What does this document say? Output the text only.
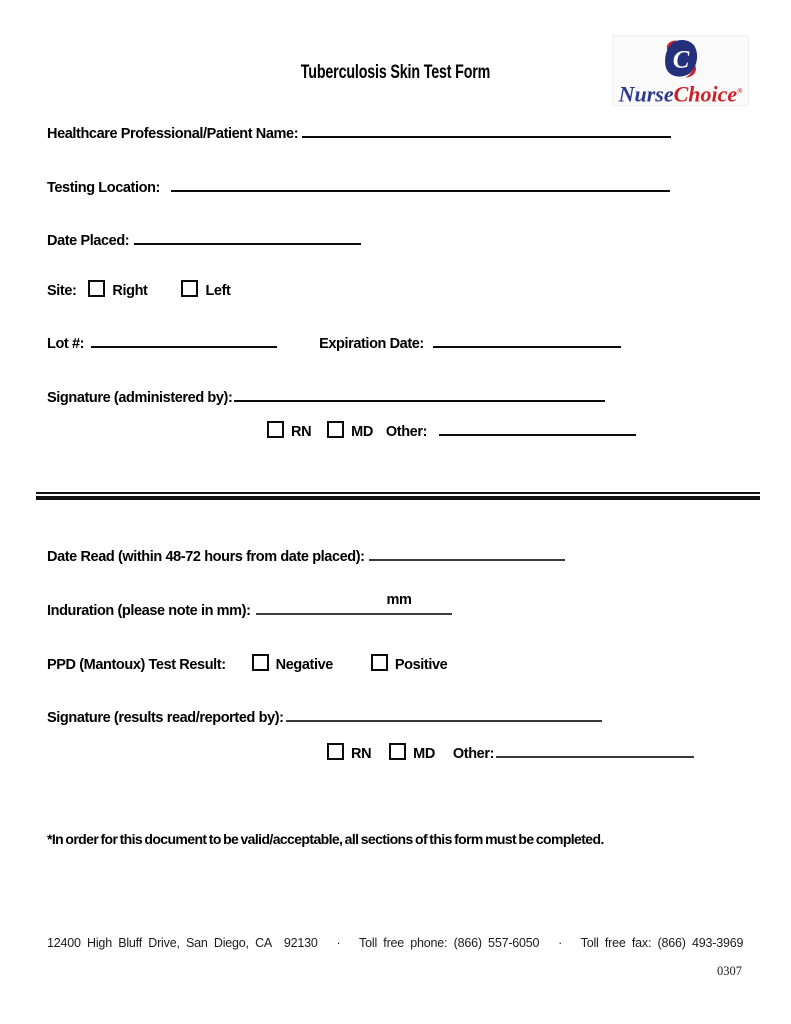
Tuberculosis Skin Test Form	C
NurseChoice®
Healthcare Professional/Patient Name:
Testing Location:
Date Placed:
Site: Right	Left
Lot #:	Expiration Date:
Signature (administered by):
RN	MD Other:
Date Read (within 48-72 hours from date placed):
Induration (please note in mm):
mm
PPD (Mantoux) Test Result:	Negative	Positive
Signature (results read/reported by):
RN	MD Other:
*In order for this document to be valid/acceptable, all sections of this form must be completed.
12400 High Bluff Drive, San Diego, CA  92130   ·   Toll free phone: (866) 557-6050   ·   Toll free fax: (866) 493-3969
0307
